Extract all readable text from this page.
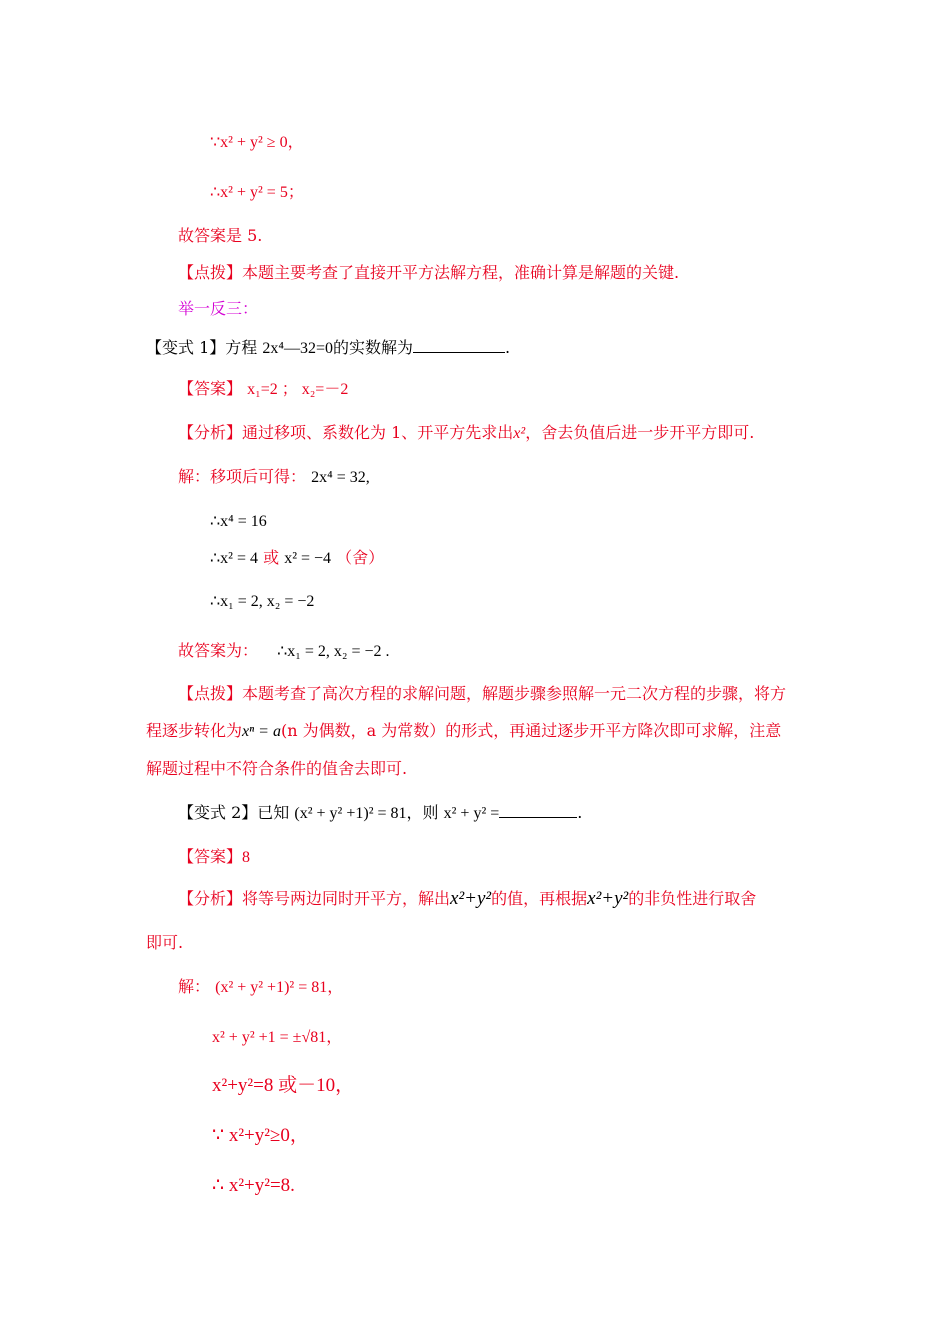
∵x² + y² ≥ 0，
∴x² + y² = 5；
故答案是 5.
【点拨】本题主要考查了直接开平方法解方程，准确计算是解题的关键.
举一反三：
【变式 1】方程 2x⁴—32=0的实数解为	.
【答案】 x₁=2 ； x₂=－2
【分析】通过移项、系数化为 1、开平方先求出x²，舍去负值后进一步开平方即可.
解：移项后可得： 2x⁴ = 32,
∴x⁴ = 16
∴x² = 4 或 x² = −4 （舍）
∴x₁ = 2, x₂ = −2
故答案为： ∴x₁ = 2, x₂ = −2 .
【点拨】本题考查了高次方程的求解问题，解题步骤参照解一元二次方程的步骤，将方
程逐步转化为xⁿ = a(n 为偶数，a 为常数）的形式，再通过逐步开平方降次即可求解，注意
解题过程中不符合条件的值舍去即可.
【变式 2】已知 (x² + y² +1)² = 81，则 x² + y² =	.
【答案】8
【分析】将等号两边同时开平方，解出x²+y²的值，再根据x²+y²的非负性进行取舍
即可.
解： (x² + y² +1)² = 81，
x² + y² +1 = ±√81，
x²+y²=8 或－10，
∵ x²+y²≥0，
∴ x²+y²=8.
